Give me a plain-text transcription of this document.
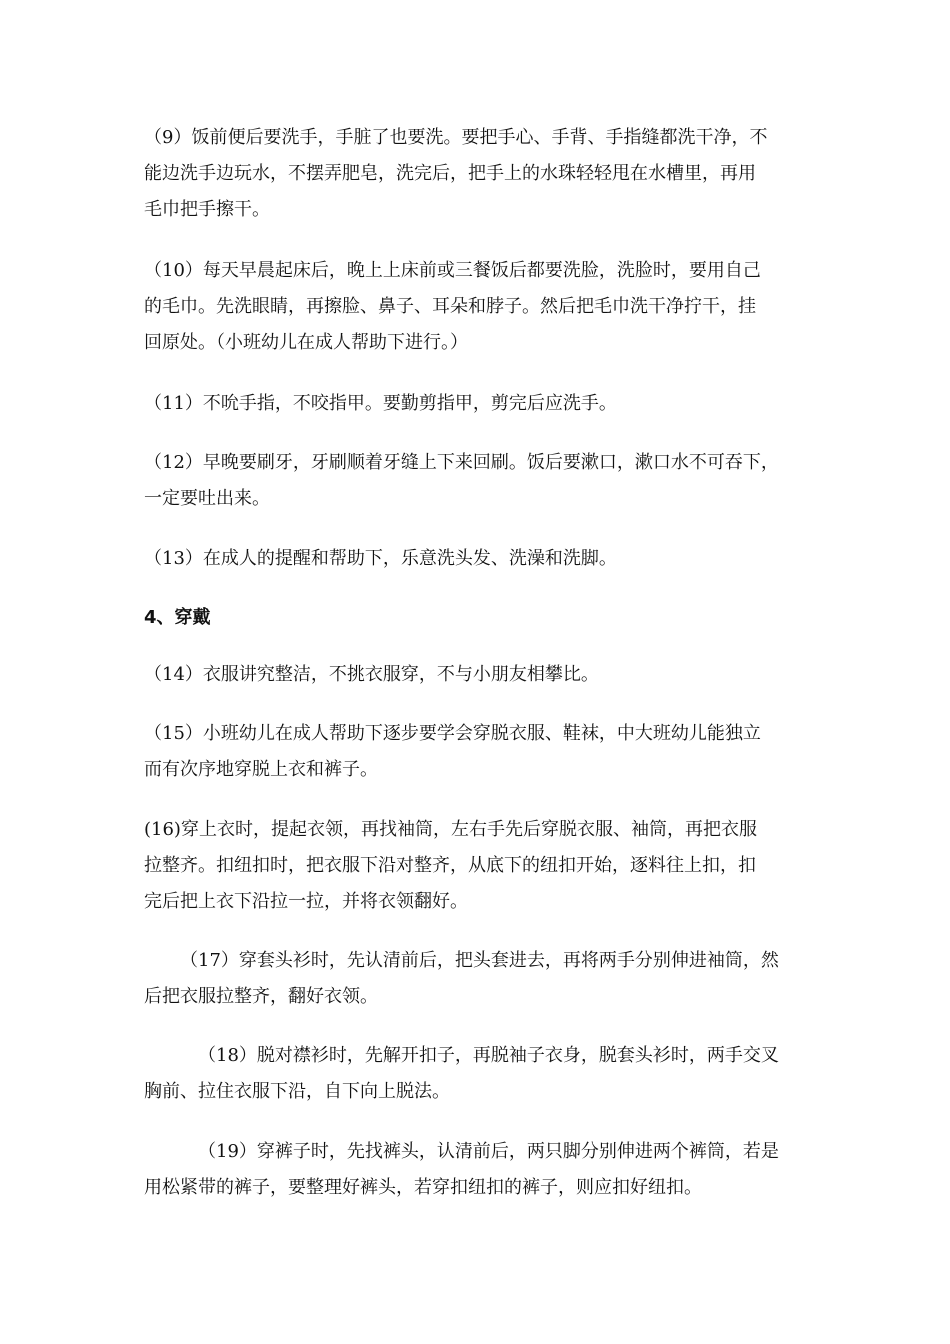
（9）饭前便后要洗手，手脏了也要洗。要把手心、手背、手指缝都洗干净，不
能边洗手边玩水，不摆弄肥皂，洗完后，把手上的水珠轻轻甩在水槽里，再用
毛巾把手擦干。

（10）每天早晨起床后，晚上上床前或三餐饭后都要洗脸，洗脸时，要用自己
的毛巾。先洗眼睛，再擦脸、鼻子、耳朵和脖子。然后把毛巾洗干净拧干，挂
回原处。（小班幼儿在成人帮助下进行。）

（11）不吮手指，不咬指甲。要勤剪指甲，剪完后应洗手。

（12）早晚要刷牙，牙刷顺着牙缝上下来回刷。饭后要漱口，漱口水不可吞下，
一定要吐出来。

（13）在成人的提醒和帮助下，乐意洗头发、洗澡和洗脚。

4、穿戴

（14）衣服讲究整洁，不挑衣服穿，不与小朋友相攀比。

（15）小班幼儿在成人帮助下逐步要学会穿脱衣服、鞋袜，中大班幼儿能独立
而有次序地穿脱上衣和裤子。

(16)穿上衣时，提起衣领，再找袖筒，左右手先后穿脱衣服、袖筒，再把衣服
拉整齐。扣纽扣时，把衣服下沿对整齐，从底下的纽扣开始，逐料往上扣，扣
完后把上衣下沿拉一拉，并将衣领翻好。

（17）穿套头衫时，先认清前后，把头套进去，再将两手分别伸进袖筒，然
后把衣服拉整齐，翻好衣领。

（18）脱对襟衫时，先解开扣子，再脱袖子衣身，脱套头衫时，两手交叉
胸前、拉住衣服下沿，自下向上脱法。

（19）穿裤子时，先找裤头，认清前后，两只脚分别伸进两个裤筒，若是
用松紧带的裤子，要整理好裤头，若穿扣纽扣的裤子，则应扣好纽扣。
